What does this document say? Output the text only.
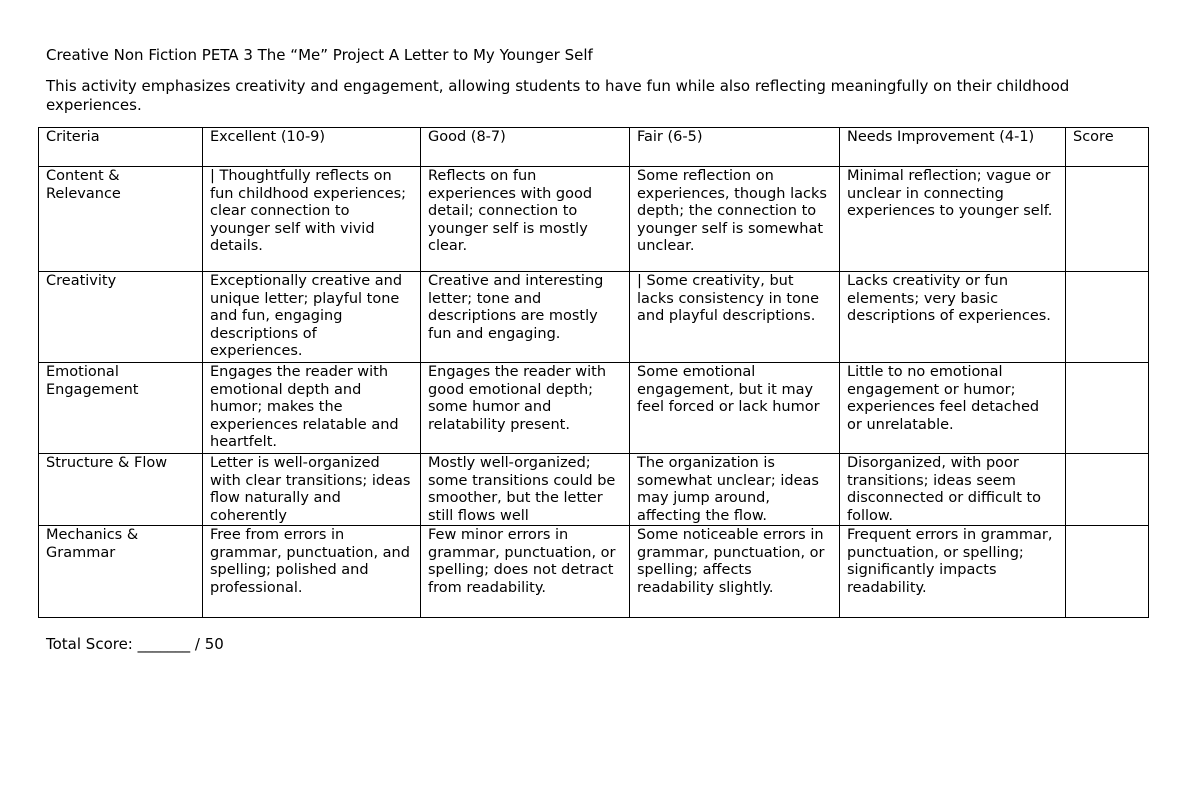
Creative Non Fiction PETA 3 The “Me” Project A Letter to My Younger Self
This activity emphasizes creativity and engagement, allowing students to have fun while also reflecting meaningfully on their childhood experiences.
Criteria	Excellent (10-9)	Good (8-7)	Fair (6-5)	Needs Improvement (4-1)	Score
Content & Relevance	| Thoughtfully reflects on fun childhood experiences; clear connection to younger self with vivid details.	Reflects on fun experiences with good detail; connection to younger self is mostly clear.	Some reflection on experiences, though lacks depth; the connection to younger self is somewhat unclear.	Minimal reflection; vague or unclear in connecting experiences to younger self.	
Creativity	Exceptionally creative and unique letter; playful tone and fun, engaging descriptions of experiences.	Creative and interesting letter; tone and descriptions are mostly fun and engaging.	| Some creativity, but lacks consistency in tone and playful descriptions.	Lacks creativity or fun elements; very basic descriptions of experiences.	
Emotional Engagement	Engages the reader with emotional depth and humor; makes the experiences relatable and heartfelt.	Engages the reader with good emotional depth; some humor and relatability present.	Some emotional engagement, but it may feel forced or lack humor	Little to no emotional engagement or humor; experiences feel detached or unrelatable.	
Structure & Flow	Letter is well-organized with clear transitions; ideas flow naturally and coherently	Mostly well-organized; some transitions could be smoother, but the letter still flows well	The organization is somewhat unclear; ideas may jump around, affecting the flow.	Disorganized, with poor transitions; ideas seem disconnected or difficult to follow.	
Mechanics & Grammar	Free from errors in grammar, punctuation, and spelling; polished and professional.	Few minor errors in grammar, punctuation, or spelling; does not detract from readability.	Some noticeable errors in grammar, punctuation, or spelling; affects readability slightly.	Frequent errors in grammar, punctuation, or spelling; significantly impacts readability.	
Total Score: _______ / 50
